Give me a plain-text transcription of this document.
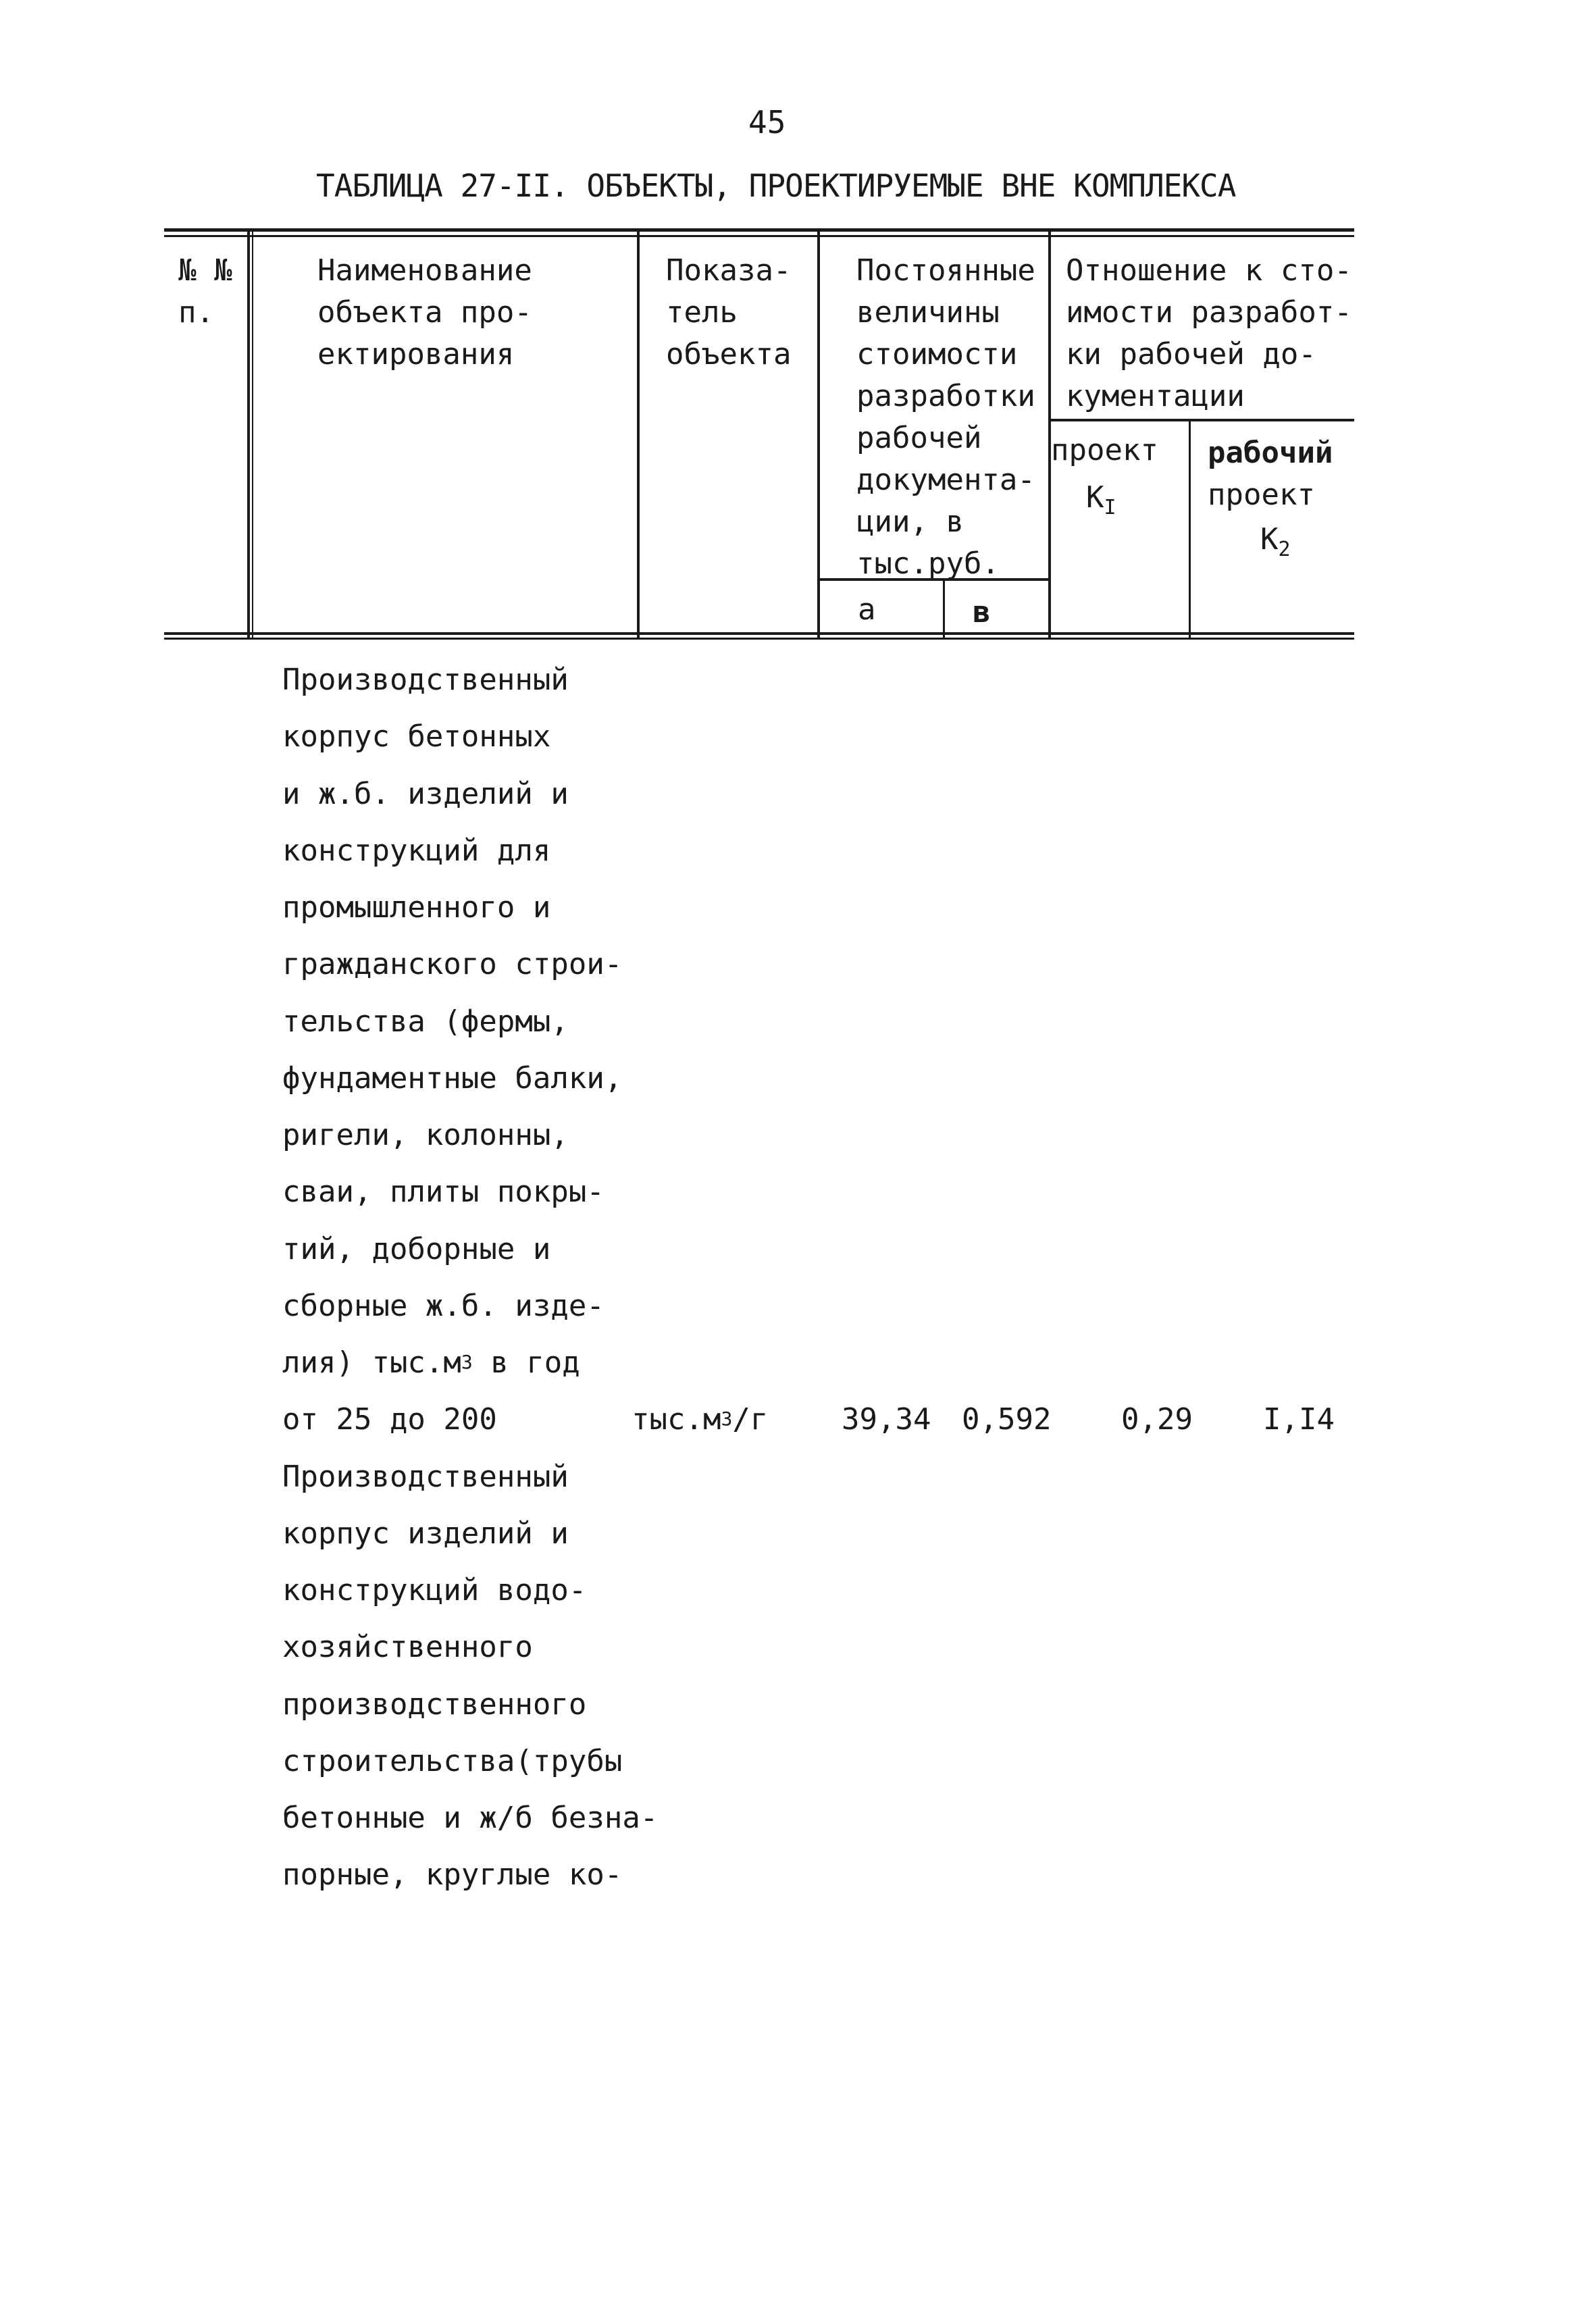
45
ТАБЛИЦА 27-II. ОБЪЕКТЫ, ПРОЕКТИРУЕМЫЕ ВНЕ КОМПЛЕКСА
№ №
п.
Наименование
объекта про-
ектирования
Показа-
тель
объекта
Постоянные
величины
стоимости
разработки
рабочей
документа-
ции, в
тыс.руб.
а	в
Отношение к сто-
имости разработ-
ки рабочей до-
кументации
проект
$К_I$
рабочий
проект
$К_2$
Производственный
корпус бетонных
и ж.б. изделий и
конструкций для
промышленного и
гражданского строи-
тельства (фермы,
фундаментные балки,
ригели, колонны,
сваи, плиты покры-
тий, доборные и
сборные ж.б. изде-
лия) $тыс.м^3$ в год
от 25 до 200	$тыс.м^3/г$ 39,34 0,592 0,29 I,I4
Производственный
корпус изделий и
конструкций водо-
хозяйственного
производственного
строительства(трубы
бетонные и ж/б безна-
порные, круглые ко-
